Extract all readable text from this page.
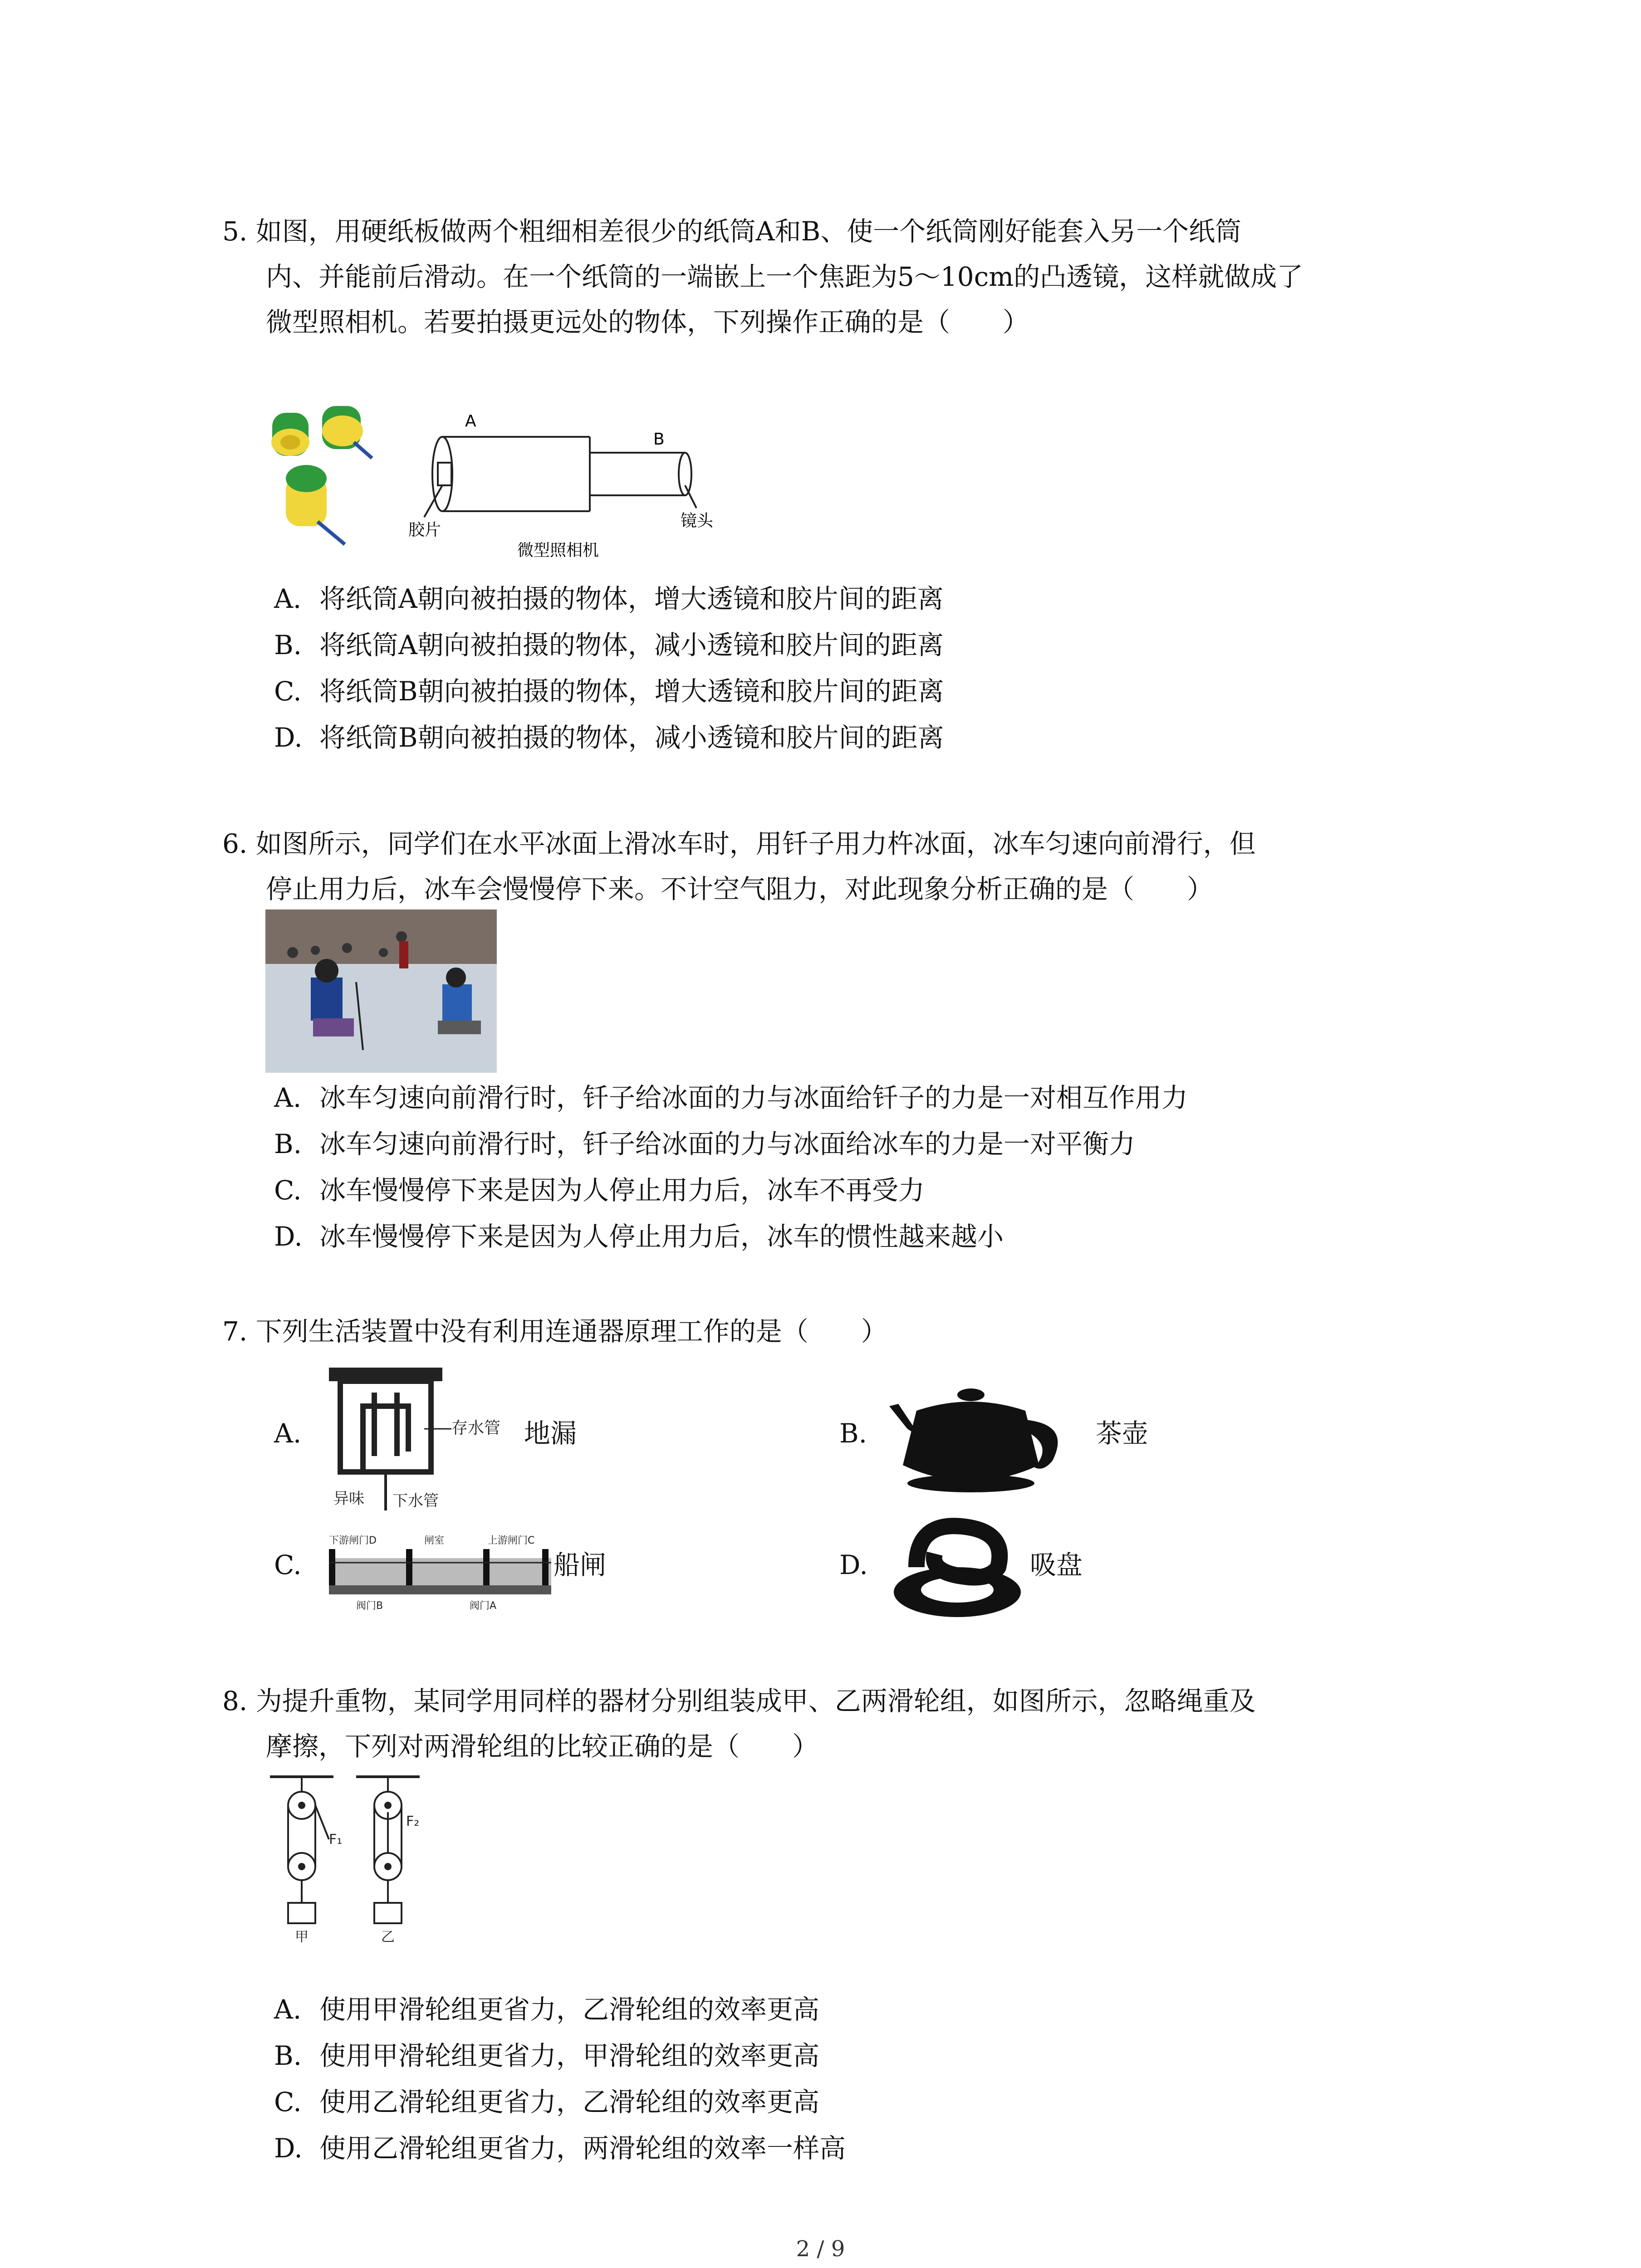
5. 如图，用硬纸板做两个粗细相差很少的纸筒A和B、使一个纸筒刚好能套入另一个纸筒
内、并能前后滑动。在一个纸筒的一端嵌上一个焦距为5～10cm的凸透镜，这样就做成了
微型照相机。若要拍摄更远处的物体，下列操作正确的是（　　）
A
B
胶片	镜头
微型照相机
A. 将纸筒A朝向被拍摄的物体，增大透镜和胶片间的距离
B. 将纸筒A朝向被拍摄的物体，减小透镜和胶片间的距离
C. 将纸筒B朝向被拍摄的物体，增大透镜和胶片间的距离
D. 将纸筒B朝向被拍摄的物体，减小透镜和胶片间的距离
6. 如图所示，同学们在水平冰面上滑冰车时，用钎子用力杵冰面，冰车匀速向前滑行，但
停止用力后，冰车会慢慢停下来。不计空气阻力，对此现象分析正确的是（　　）
A. 冰车匀速向前滑行时，钎子给冰面的力与冰面给钎子的力是一对相互作用力
B. 冰车匀速向前滑行时，钎子给冰面的力与冰面给冰车的力是一对平衡力
C. 冰车慢慢停下来是因为人停止用力后，冰车不再受力
D. 冰车慢慢停下来是因为人停止用力后，冰车的惯性越来越小
7. 下列生活装置中没有利用连通器原理工作的是（　　）
A.	存水管
异味 下水管
地漏	B.	茶壶
C.
下游闸门D	闸室	上游闸门C
阀门B	阀门A
船闸	D.	吸盘
8. 为提升重物，某同学用同样的器材分别组装成甲、乙两滑轮组，如图所示，忽略绳重及
摩擦，下列对两滑轮组的比较正确的是（　　）
F₁
F₂
甲	乙
A. 使用甲滑轮组更省力，乙滑轮组的效率更高
B. 使用甲滑轮组更省力，甲滑轮组的效率更高
C. 使用乙滑轮组更省力，乙滑轮组的效率更高
D. 使用乙滑轮组更省力，两滑轮组的效率一样高
2 / 9
